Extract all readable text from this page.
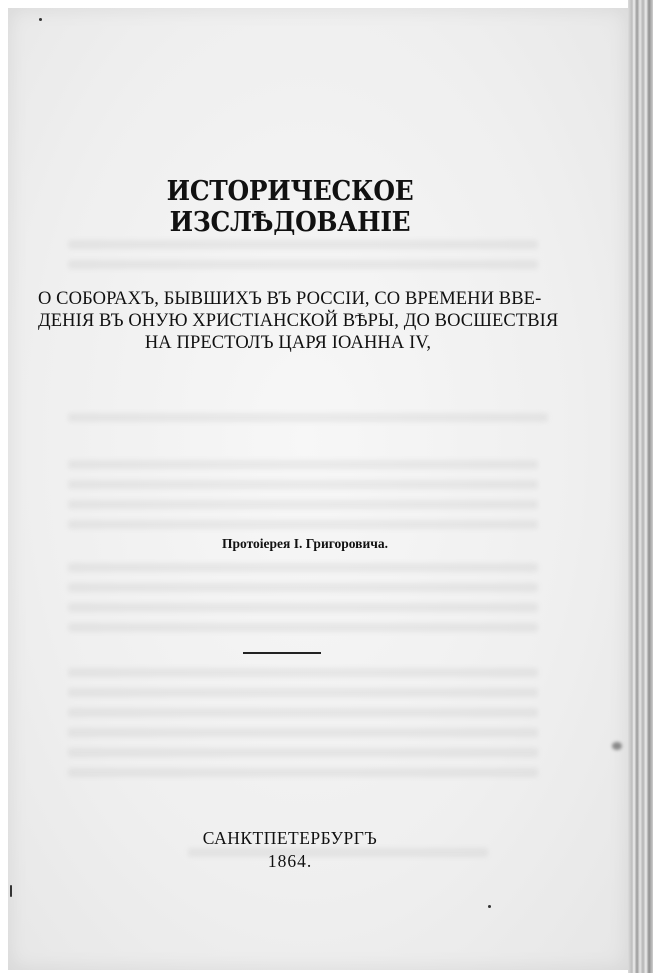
ИСТОРИЧЕСКОЕ ИЗСЛѢДОВАНІЕ
О СОБОРАХЪ, БЫВШИХЪ ВЪ РОССІИ, СО ВРЕМЕНИ ВВЕ-
ДЕНІЯ ВЪ ОНУЮ ХРИСТІАНСКОЙ ВѢРЫ, ДО ВОСШЕСТВІЯ
НА ПРЕСТОЛЪ ЦАРЯ ІОАННА IV,
Протоіерея І. Григоровича.
САНКТПЕТЕРБУРГЪ
1864.
